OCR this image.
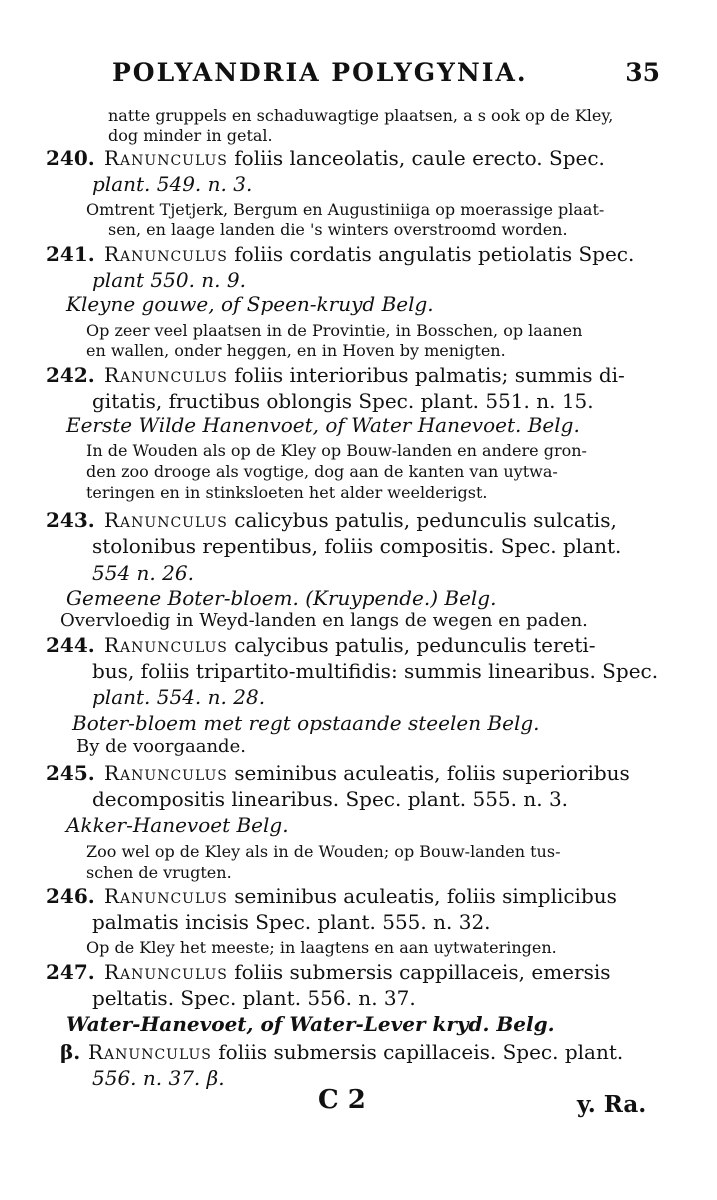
POLYANDRIA POLYGYNIA.	35
natte gruppels en schaduwagtige plaatsen, a s ook op de Kley,
dog minder in getal.
240. Ranunculus foliis lanceolatis, caule erecto. Spec.
plant. 549. n. 3.
Omtrent Tjetjerk, Bergum en Augustiniiga op moerassige plaat-
sen, en laage landen die 's winters overstroomd worden.
241. Ranunculus foliis cordatis angulatis petiolatis Spec.
plant 550. n. 9.
Kleyne gouwe, of Speen-kruyd Belg.
Op zeer veel plaatsen in de Provintie, in Bosschen, op laanen
en wallen, onder heggen, en in Hoven by menigten.
242. Ranunculus foliis interioribus palmatis; summis di-
gitatis, fructibus oblongis Spec. plant. 551. n. 15.
Eerste Wilde Hanenvoet, of Water Hanevoet. Belg.
In de Wouden als op de Kley op Bouw-landen en andere gron-
den zoo drooge als vogtige, dog aan de kanten van uytwa-
teringen en in stinksloeten het alder weelderigst.
243. Ranunculus calicybus patulis, pedunculis sulcatis,
stolonibus repentibus, foliis compositis. Spec. plant.
554 n. 26.
Gemeene Boter-bloem. (Kruypende.) Belg.
Overvloedig in Weyd-landen en langs de wegen en paden.
244. Ranunculus calycibus patulis, pedunculis tereti-
bus, foliis tripartito-multifidis: summis linearibus. Spec.
plant. 554. n. 28.
Boter-bloem met regt opstaande steelen Belg.
By de voorgaande.
245. Ranunculus seminibus aculeatis, foliis superioribus
decompositis linearibus. Spec. plant. 555. n. 3.
Akker-Hanevoet Belg.
Zoo wel op de Kley als in de Wouden; op Bouw-landen tus-
schen de vrugten.
246. Ranunculus seminibus aculeatis, foliis simplicibus
palmatis incisis Spec. plant. 555. n. 32.
Op de Kley het meeste; in laagtens en aan uytwateringen.
247. Ranunculus foliis submersis cappillaceis, emersis
peltatis. Spec. plant. 556. n. 37.
Water-Hanevoet, of Water-Lever kryd. Belg.
β. Ranunculus foliis submersis capillaceis. Spec. plant.
556. n. 37. β.
C 2	y. Ra.
